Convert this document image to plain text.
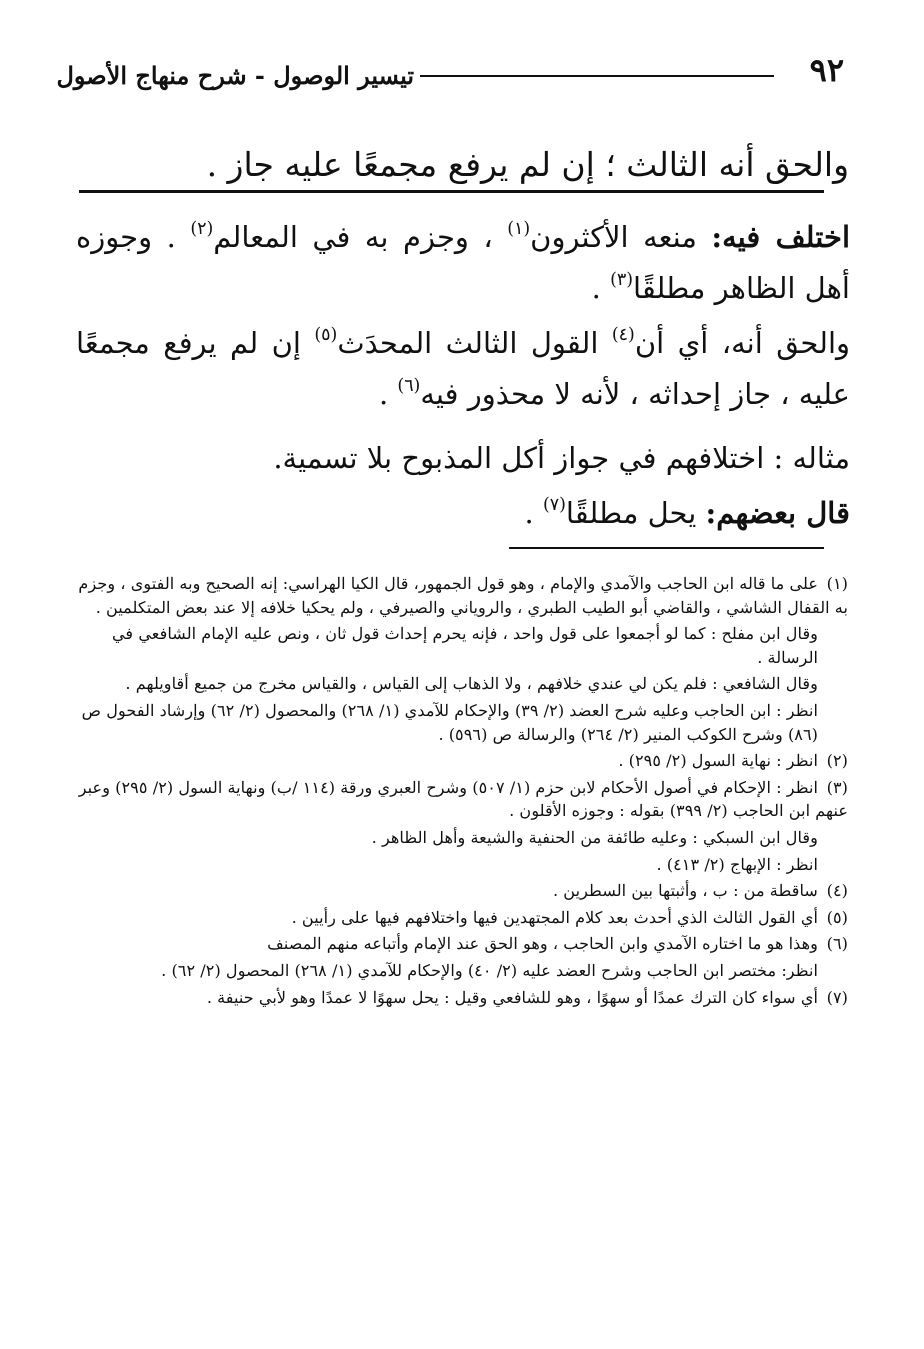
٩٢
تيسير الوصول - شرح منهاج الأصول
والحق أنه الثالث ؛ إن لم يرفع مجمعًا عليه جاز .
اختلف فيه: منعه الأكثرون$^{(١)}$ ، وجزم به في المعالم$^{(٢)}$ . وجوزه أهل الظاهر مطلقًا$^{(٣)}$ .
والحق أنه، أي أن$^{(٤)}$ القول الثالث المحدَث$^{(٥)}$ إن لم يرفع مجمعًا عليه ، جاز إحداثه ، لأنه لا محذور فيه$^{(٦)}$ .
مثاله : اختلافهم في جواز أكل المذبوح بلا تسمية.
قال بعضهم: يحل مطلقًا$^{(٧)}$ .
(١)على ما قاله ابن الحاجب والآمدي والإمام ، وهو قول الجمهور، قال الكيا الهراسي: إنه الصحيح وبه الفتوى ، وجزم به القفال الشاشي ، والقاضي أبو الطيب الطبري ، والروياني والصيرفي ، ولم يحكيا خلافه إلا عند بعض المتكلمين .
وقال ابن مفلح : كما لو أجمعوا على قول واحد ، فإنه يحرم إحداث قول ثان ، ونص عليه الإمام الشافعي في الرسالة .
وقال الشافعي : فلم يكن لي عندي خلافهم ، ولا الذهاب إلى القياس ، والقياس مخرج من جميع أقاويلهم .
انظر : ابن الحاجب وعليه شرح العضد (٢/ ٣٩) والإحكام للآمدي (١/ ٢٦٨) والمحصول (٢/ ٦٢) وإرشاد الفحول ص (٨٦) وشرح الكوكب المنير (٢/ ٢٦٤) والرسالة ص (٥٩٦) .
(٢)انظر : نهاية السول (٢/ ٢٩٥) .
(٣)انظر : الإحكام في أصول الأحكام لابن حزم (١/ ٥٠٧) وشرح العبري ورقة (١١٤ /ب) ونهاية السول (٢/ ٢٩٥) وعبر عنهم ابن الحاجب (٢/ ٣٩٩) بقوله : وجوزه الأقلون .
وقال ابن السبكي : وعليه طائفة من الحنفية والشيعة وأهل الظاهر .
انظر : الإبهاج (٢/ ٤١٣) .
(٤)ساقطة من : ب ، وأثبتها بين السطرين .
(٥)أي القول الثالث الذي أحدث بعد كلام المجتهدين فيها واختلافهم فيها على رأيين .
(٦)وهذا هو ما اختاره الآمدي وابن الحاجب ، وهو الحق عند الإمام وأتباعه منهم المصنف
انظر: مختصر ابن الحاجب وشرح العضد عليه (٢/ ٤٠) والإحكام للآمدي (١/ ٢٦٨) المحصول (٢/ ٦٢) .
(٧)أي سواء كان الترك عمدًا أو سهوًا ، وهو للشافعي وقيل : يحل سهوًا لا عمدًا وهو لأبي حنيفة .
